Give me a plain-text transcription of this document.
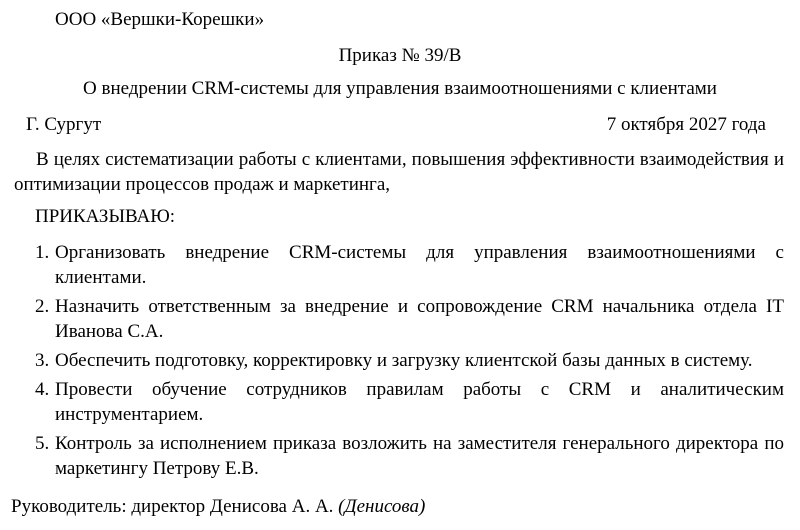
ООО «Вершки-Корешки»
Приказ № 39/В
О внедрении CRM-системы для управления взаимоотношениями с клиентами
Г. Сургут	7 октября 2027 года
В целях систематизации работы с клиентами, повышения эффективности взаимодействия и оптимизации процессов продаж и маркетинга,
ПРИКАЗЫВАЮ:
1. Организовать внедрение CRM-системы для управления взаимоотношениями с клиентами.
2. Назначить ответственным за внедрение и сопровождение CRM начальника отдела IT Иванова С.А.
3. Обеспечить подготовку, корректировку и загрузку клиентской базы данных в систему.
4. Провести обучение сотрудников правилам работы с CRM и аналитическим инструментарием.
5. Контроль за исполнением приказа возложить на заместителя генерального директора по маркетингу Петрову Е.В.
Руководитель: директор Денисова А. А. (Денисова)
